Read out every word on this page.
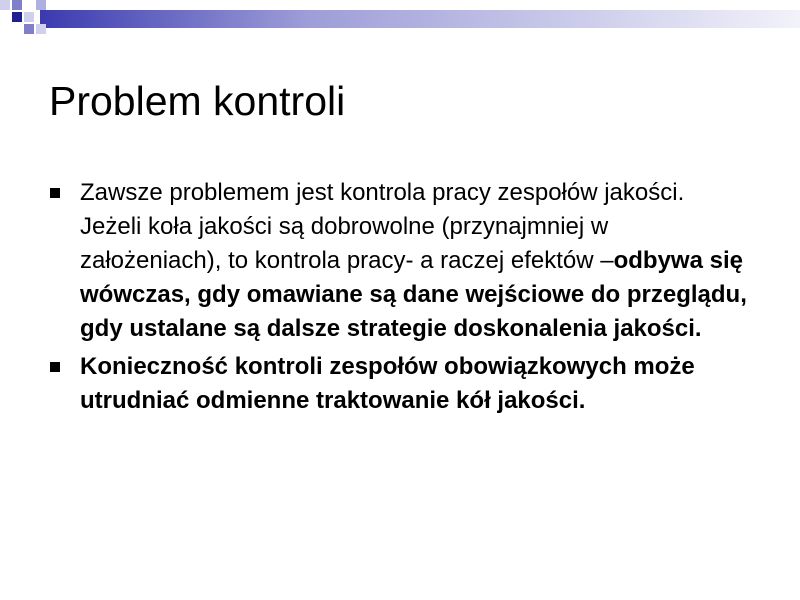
Problem kontroli
Zawsze problemem jest kontrola pracy zespołów jakości. Jeżeli koła jakości są dobrowolne (przynajmniej w założeniach), to kontrola pracy- a raczej efektów –odbywa się wówczas, gdy omawiane są dane wejściowe do przeglądu, gdy ustalane są dalsze strategie doskonalenia jakości.
Konieczność kontroli zespołów obowiązkowych może utrudniać odmienne traktowanie kół jakości.
